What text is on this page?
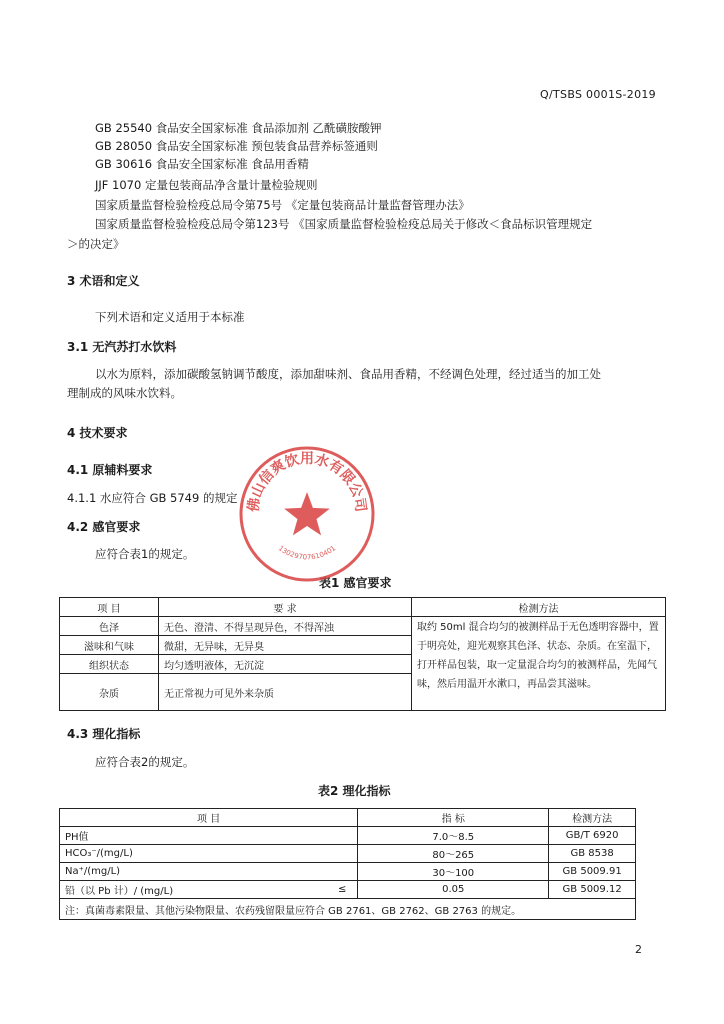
Q/TSBS 0001S-2019
GB 25540 食品安全国家标准 食品添加剂 乙酰磺胺酸钾
GB 28050 食品安全国家标准 预包装食品营养标签通则
GB 30616 食品安全国家标准 食品用香精
JJF 1070 定量包装商品净含量计量检验规则
国家质量监督检验检疫总局令第75号 《定量包装商品计量监督管理办法》
国家质量监督检验检疫总局令第123号 《国家质量监督检验检疫总局关于修改＜食品标识管理规定
＞的决定》
3 术语和定义
下列术语和定义适用于本标准
3.1 无汽苏打水饮料
以水为原料，添加碳酸氢钠调节酸度，添加甜味剂、食品用香精，不经调色处理，经过适当的加工处
理制成的风味水饮料。
4 技术要求
4.1 原辅料要求
4.1.1 水应符合 GB 5749 的规定
4.2 感官要求
应符合表1的规定。
表1 感官要求
项 目	要 求	检测方法
色泽	无色、澄清、不得呈现异色，不得浑浊	取约 50ml 混合均匀的被测样品于无色透明容器中，置于明亮处，迎光观察其色泽、状态、杂质。在室温下，打开样品包装，取一定量混合均匀的被测样品，先闻气味，然后用温开水漱口，再品尝其滋味。
滋味和气味	微甜，无异味，无异臭	
组织状态	均匀透明液体，无沉淀	
杂质	无正常视力可见外来杂质	
4.3 理化指标
应符合表2的规定。
表2 理化指标
项 目		指 标	检测方法
PH值		7.0～8.5	GB/T 6920
HCO₃⁻/(mg/L)		80～265	GB 8538
Na⁺/(mg/L)		30～100	GB 5009.91
铅（以 Pb 计）/ (mg/L)	≤	0.05	GB 5009.12
注：真菌毒素限量、其他污染物限量、农药残留限量应符合 GB 2761、GB 2762、GB 2763 的规定。			
佛山信爽饮用水有限公司
13029707610401
2
